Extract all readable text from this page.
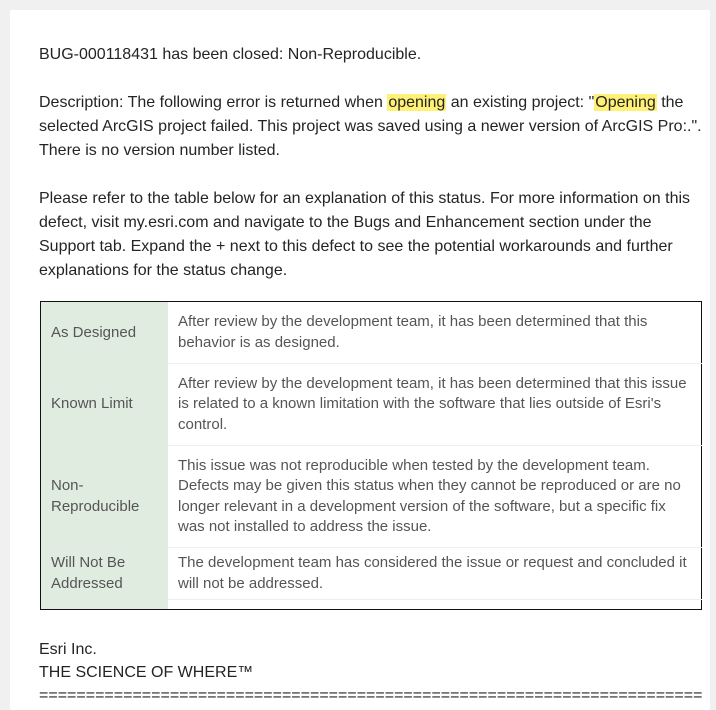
BUG-000118431 has been closed: Non-Reproducible.

Description: The following error is returned when opening an existing project: "Opening the selected ArcGIS project failed. This project was saved using a newer version of ArcGIS Pro:.". There is no version number listed.

Please refer to the table below for an explanation of this status. For more information on this defect, visit my.esri.com and navigate to the Bugs and Enhancement section under the Support tab. Expand the + next to this defect to see the potential workarounds and further explanations for the status change.

As Designed	After review by the development team, it has been determined that this behavior is as designed.
Known Limit	After review by the development team, it has been determined that this issue is related to a known limitation with the software that lies outside of Esri's control.
Non-Reproducible	This issue was not reproducible when tested by the development team. Defects may be given this status when they cannot be reproduced or are no longer relevant in a development version of the software, but a specific fix was not installed to address the issue.
Will Not Be Addressed	The development team has considered the issue or request and concluded it will not be addressed.

Esri Inc.
THE SCIENCE OF WHERE™
=======================================================================
